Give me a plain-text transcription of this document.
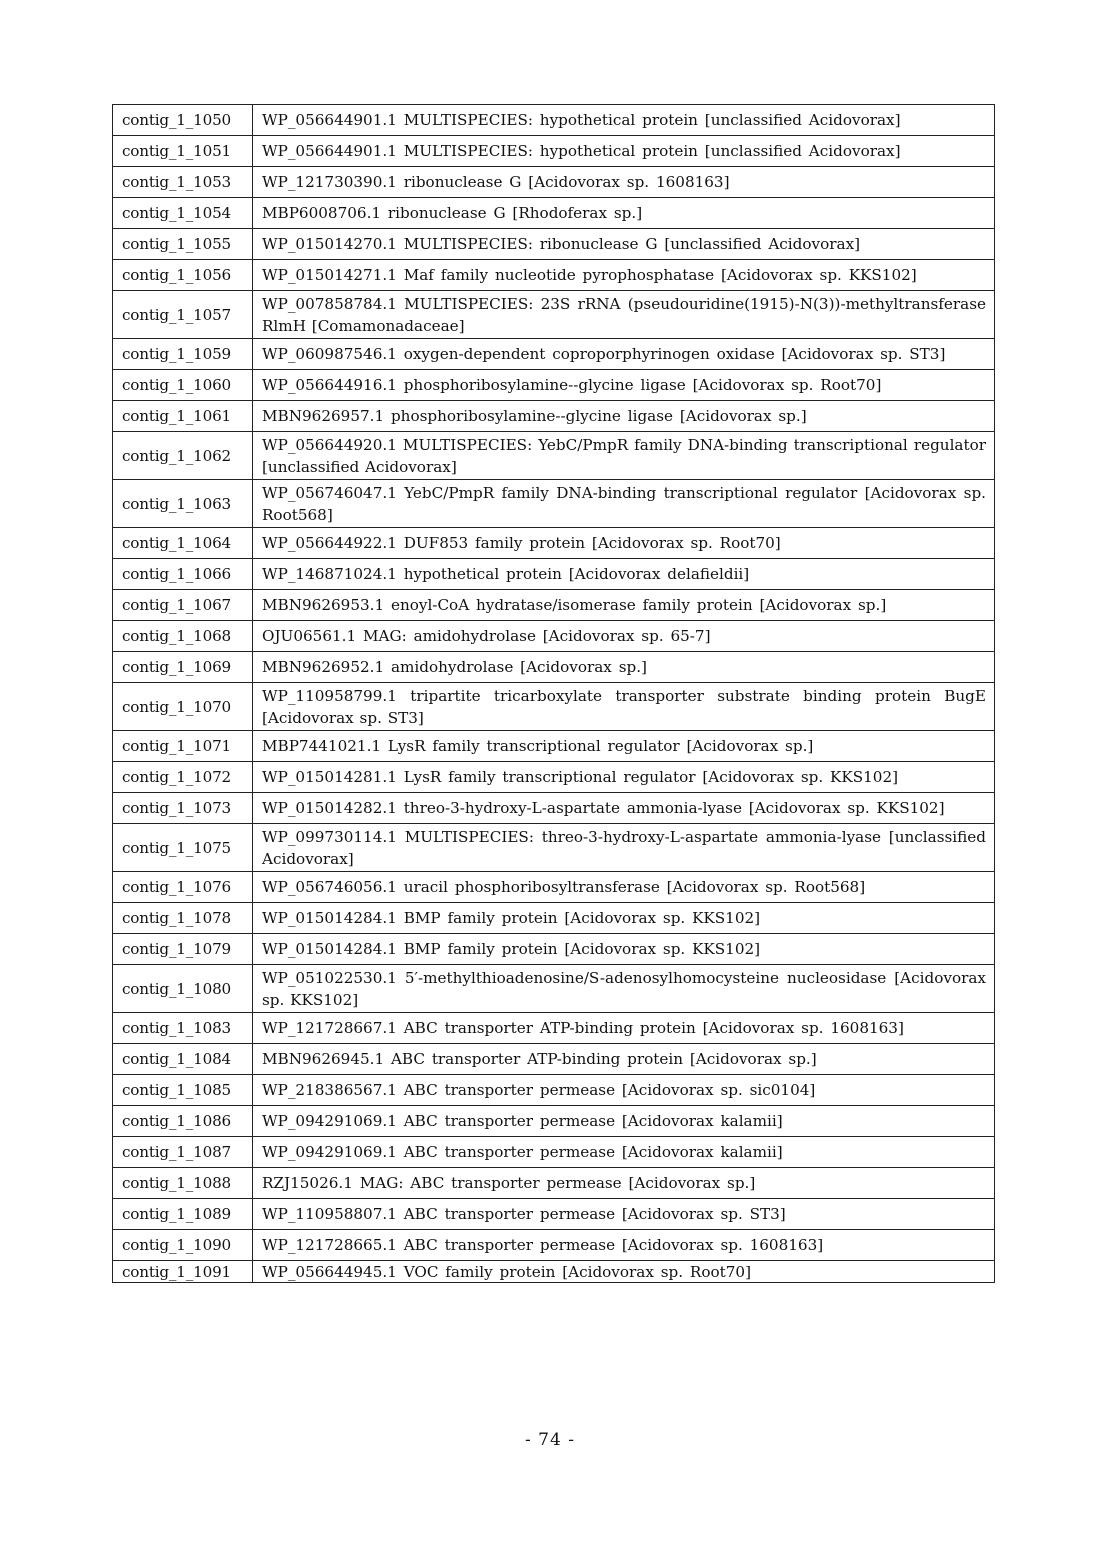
contig_1_1050	WP_056644901.1 MULTISPECIES: hypothetical protein [unclassified Acidovorax]
contig_1_1051	WP_056644901.1 MULTISPECIES: hypothetical protein [unclassified Acidovorax]
contig_1_1053	WP_121730390.1 ribonuclease G [Acidovorax sp. 1608163]
contig_1_1054	MBP6008706.1 ribonuclease G [Rhodoferax sp.]
contig_1_1055	WP_015014270.1 MULTISPECIES: ribonuclease G [unclassified Acidovorax]
contig_1_1056	WP_015014271.1 Maf family nucleotide pyrophosphatase [Acidovorax sp. KKS102]
contig_1_1057	WP_007858784.1 MULTISPECIES: 23S rRNA (pseudouridine(1915)-N(3))-methyltransferase RlmH [Comamonadaceae]
contig_1_1059	WP_060987546.1 oxygen-dependent coproporphyrinogen oxidase [Acidovorax sp. ST3]
contig_1_1060	WP_056644916.1 phosphoribosylamine--glycine ligase [Acidovorax sp. Root70]
contig_1_1061	MBN9626957.1 phosphoribosylamine--glycine ligase [Acidovorax sp.]
contig_1_1062	WP_056644920.1 MULTISPECIES: YebC/PmpR family DNA-binding transcriptional regulator [unclassified Acidovorax]
contig_1_1063	WP_056746047.1 YebC/PmpR family DNA-binding transcriptional regulator [Acidovorax sp. Root568]
contig_1_1064	WP_056644922.1 DUF853 family protein [Acidovorax sp. Root70]
contig_1_1066	WP_146871024.1 hypothetical protein [Acidovorax delafieldii]
contig_1_1067	MBN9626953.1 enoyl-CoA hydratase/isomerase family protein [Acidovorax sp.]
contig_1_1068	OJU06561.1 MAG: amidohydrolase [Acidovorax sp. 65-7]
contig_1_1069	MBN9626952.1 amidohydrolase [Acidovorax sp.]
contig_1_1070	WP_110958799.1 tripartite tricarboxylate transporter substrate binding protein BugE [Acidovorax sp. ST3]
contig_1_1071	MBP7441021.1 LysR family transcriptional regulator [Acidovorax sp.]
contig_1_1072	WP_015014281.1 LysR family transcriptional regulator [Acidovorax sp. KKS102]
contig_1_1073	WP_015014282.1 threo-3-hydroxy-L-aspartate ammonia-lyase [Acidovorax sp. KKS102]
contig_1_1075	WP_099730114.1 MULTISPECIES: threo-3-hydroxy-L-aspartate ammonia-lyase [unclassified Acidovorax]
contig_1_1076	WP_056746056.1 uracil phosphoribosyltransferase [Acidovorax sp. Root568]
contig_1_1078	WP_015014284.1 BMP family protein [Acidovorax sp. KKS102]
contig_1_1079	WP_015014284.1 BMP family protein [Acidovorax sp. KKS102]
contig_1_1080	WP_051022530.1 5′-methylthioadenosine/S-adenosylhomocysteine nucleosidase [Acidovorax sp. KKS102]
contig_1_1083	WP_121728667.1 ABC transporter ATP-binding protein [Acidovorax sp. 1608163]
contig_1_1084	MBN9626945.1 ABC transporter ATP-binding protein [Acidovorax sp.]
contig_1_1085	WP_218386567.1 ABC transporter permease [Acidovorax sp. sic0104]
contig_1_1086	WP_094291069.1 ABC transporter permease [Acidovorax kalamii]
contig_1_1087	WP_094291069.1 ABC transporter permease [Acidovorax kalamii]
contig_1_1088	RZJ15026.1 MAG: ABC transporter permease [Acidovorax sp.]
contig_1_1089	WP_110958807.1 ABC transporter permease [Acidovorax sp. ST3]
contig_1_1090	WP_121728665.1 ABC transporter permease [Acidovorax sp. 1608163]
contig_1_1091	WP_056644945.1 VOC family protein [Acidovorax sp. Root70]
- 74 -
